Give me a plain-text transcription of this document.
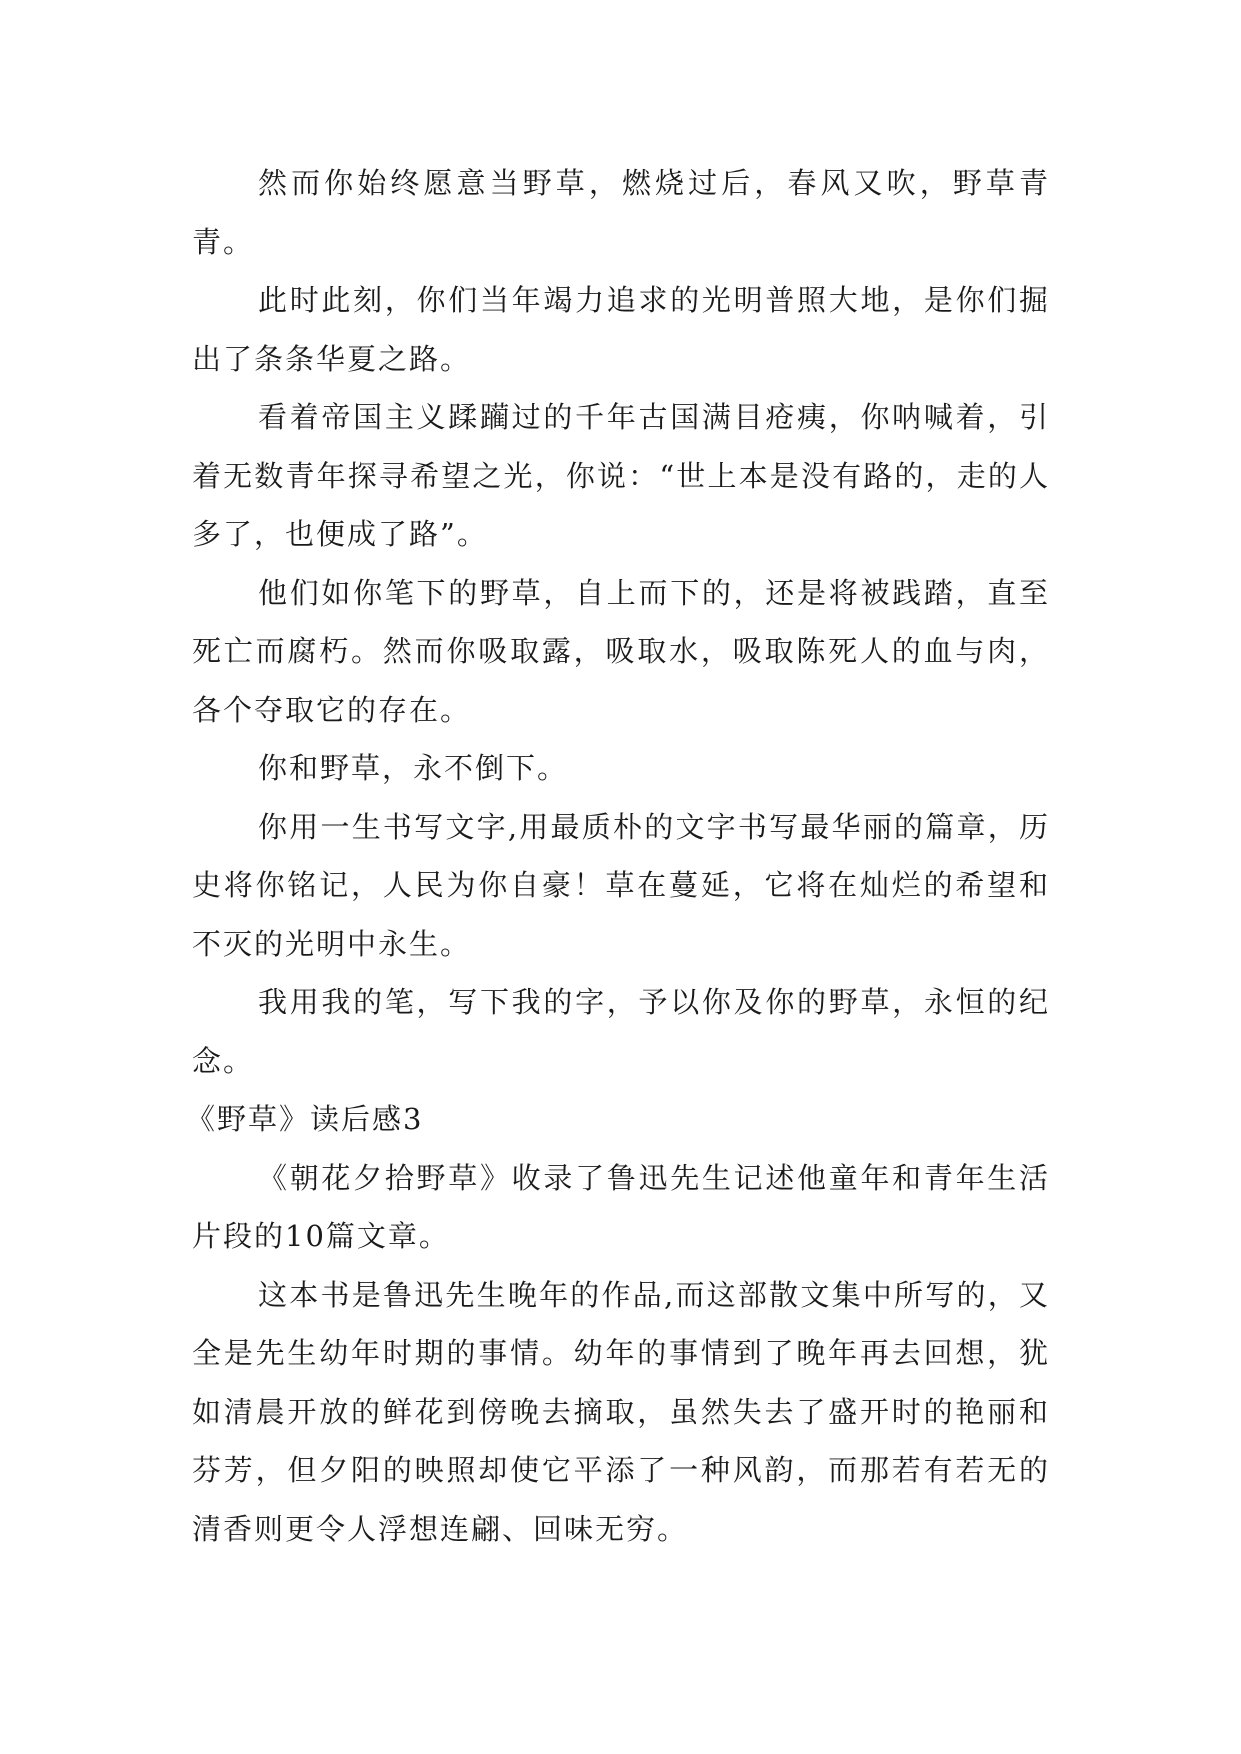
然而你始终愿意当野草，燃烧过后，春风又吹，野草青青。

此时此刻，你们当年竭力追求的光明普照大地，是你们掘出了条条华夏之路。

看着帝国主义蹂躏过的千年古国满目疮痍，你呐喊着，引着无数青年探寻希望之光，你说：“世上本是没有路的，走的人多了，也便成了路”。

他们如你笔下的野草，自上而下的，还是将被践踏，直至死亡而腐朽。然而你吸取露，吸取水，吸取陈死人的血与肉，各个夺取它的存在。

你和野草，永不倒下。

你用一生书写文字,用最质朴的文字书写最华丽的篇章，历史将你铭记，人民为你自豪！草在蔓延，它将在灿烂的希望和不灭的光明中永生。

我用我的笔，写下我的字，予以你及你的野草，永恒的纪念。

《野草》读后感3

《朝花夕拾野草》收录了鲁迅先生记述他童年和青年生活片段的10篇文章。

这本书是鲁迅先生晚年的作品,而这部散文集中所写的，又全是先生幼年时期的事情。幼年的事情到了晚年再去回想，犹如清晨开放的鲜花到傍晚去摘取，虽然失去了盛开时的艳丽和芬芳，但夕阳的映照却使它平添了一种风韵，而那若有若无的清香则更令人浮想连翩、回味无穷。
